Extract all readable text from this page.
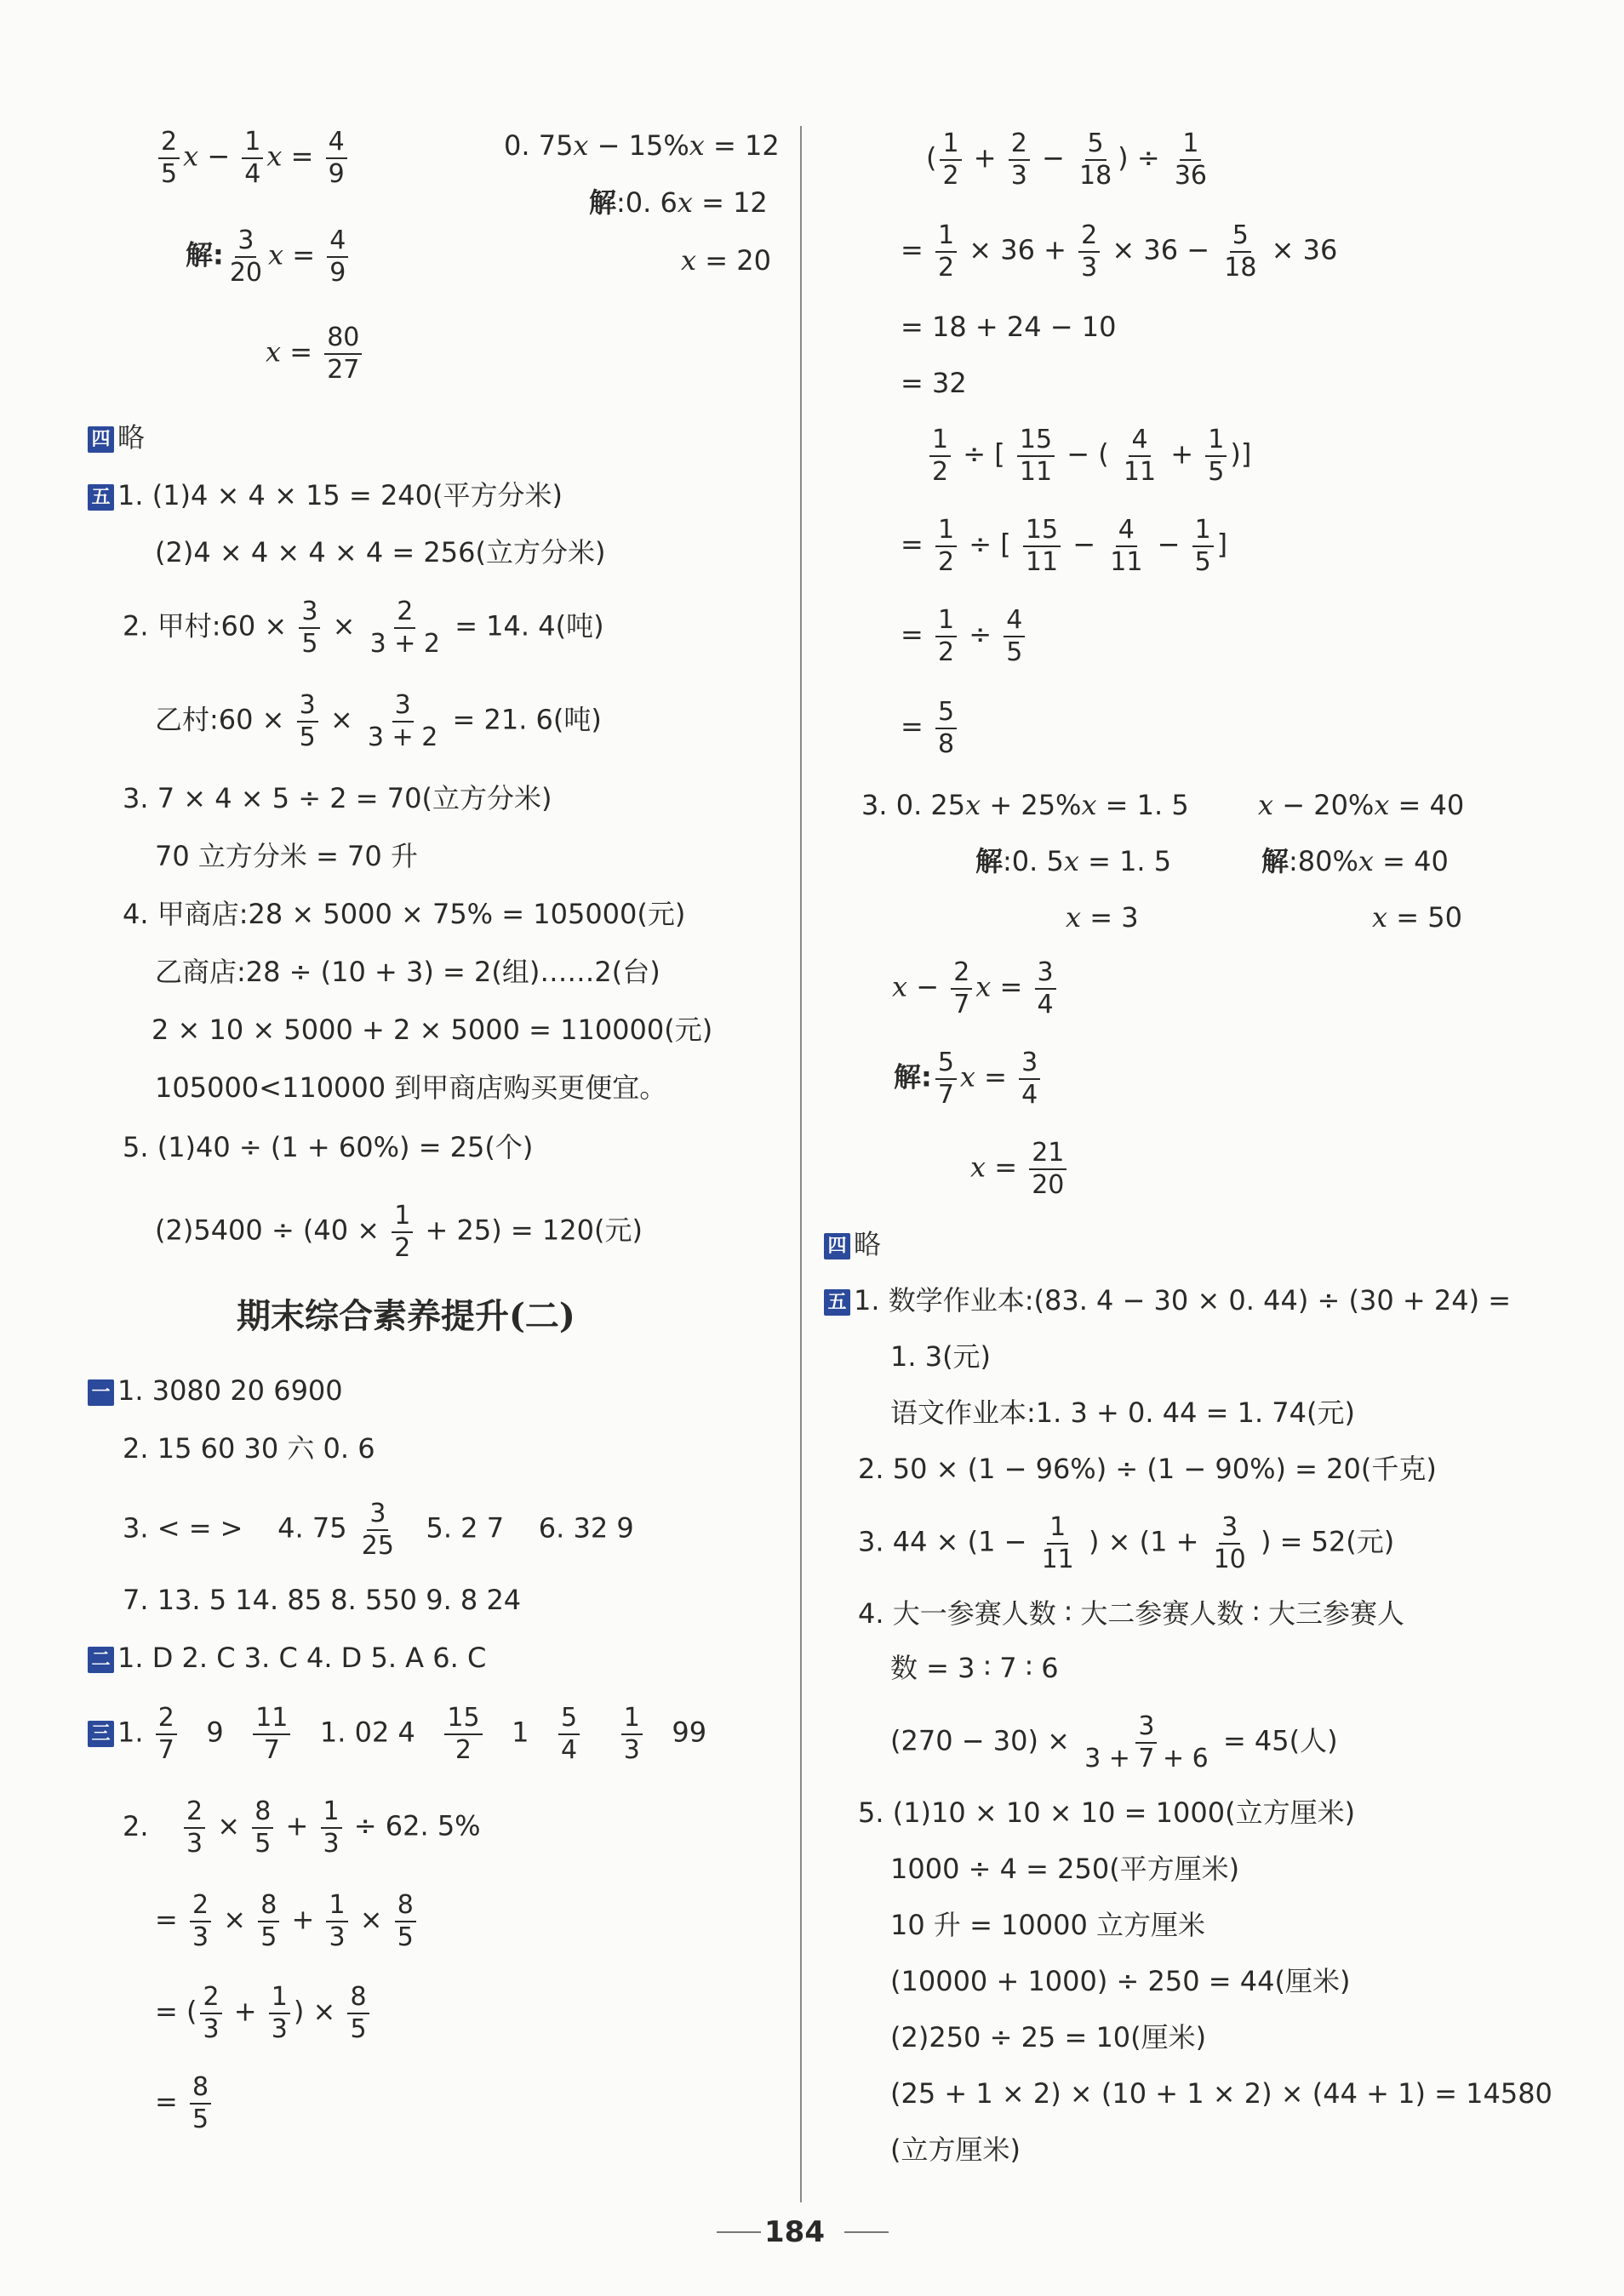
$\frac{2}{5}$ $x - \frac{1}{4}$ $x = \frac{4}{9}$
解: $\frac{3}{20}$ $x = \frac{4}{9}$
$x = \frac{80}{27}$
0. 75x − 15%x = 12
解:0. 6x = 12
x = 20
四 略
五 1. (1)4 × 4 × 15 = 240(平方分米)
(2)4 × 4 × 4 × 4 = 256(立方分米)
2. 甲村:60 × $\frac{3}{5} \times \frac{2}{3 + 2} = 14$. 4(吨)
乙村:60 × $\frac{3}{5} \times \frac{3}{3 + 2} = 21$. 6(吨)
3. 7 × 4 × 5 ÷ 2 = 70(立方分米)
70 立方分米 = 70 升
4. 甲商店:28 × 5000 × 75% = 105000(元)
乙商店:28 ÷ (10 + 3) = 2(组)……2(台)
2 × 10 × 5000 + 2 × 5000 = 110000(元)
105000<110000 到甲商店购买更便宜。
5. (1)40 ÷ (1 + 60%) = 25(个)
$(2)5400 \div (40 \times \frac{1}{2} + 25) = 120$(元)
期末综合素养提升(二)
一 1. 3080 20 6900
2. 15 60 30 六 0. 6
3. < = > 4. $75 \frac{3}{25} 5$. 2 7 6. 32 9
7. 13. 5 14. 85 8. 550 9. 8 24
二 1. D 2. C 3. C 4. D 5. A 6. C
三 1. $\frac{2}{7} 9 \frac{11}{7} 1$. 02 $4 \frac{15}{2} 1 \frac{5}{4}$
$\frac{1}{3} 99$
2. $\frac{2}{3} \times \frac{8}{5} + \frac{1}{3} \div 62$. 5%
= $\frac{2}{3} \times \frac{8}{5} + \frac{1}{3} \times \frac{8}{5}$
= ( $\frac{2}{3} + \frac{1}{3}$ ) × $\frac{8}{5}$
= $\frac{8}{5}$
( $\frac{1}{2} + \frac{2}{3} - \frac{5}{18}$ ) ÷ $\frac{1}{36}$
= $\frac{1}{2} \times 36 + \frac{2}{3} \times 36 - \frac{5}{18} \times 36$
= 18 + 24 − 10
= 32
$\frac{1}{2}$ ÷ [ $\frac{15}{11}$ − ( $\frac{4}{11} + \frac{1}{5}$ )]
= $\frac{1}{2}$ ÷ [ $\frac{15}{11} - \frac{4}{11} - \frac{1}{5}$ ]
= $\frac{1}{2} \div \frac{4}{5}$
= $\frac{5}{8}$
3. 0. 25x + 25%x = 1. 5
解:0. 5x = 1. 5
x = 3
x − 20%x = 40
解:80%x = 40
x = 50
$x - \frac{2}{7}$ $x = \frac{3}{4}$
解: $\frac{5}{7}$ $x = \frac{3}{4}$
$x = \frac{21}{20}$
四 略
五 1. 数学作业本:(83. 4 − 30 × 0. 44) ÷ (30 + 24) =
1. 3(元)
语文作业本:1. 3 + 0. 44 = 1. 74(元)
2. 50 × (1 − 96%) ÷ (1 − 90%) = 20(千克)
3. $44 \times (1 - \frac{1}{11}$ ) × ($1 + \frac{3}{10}$ ) = 52(元)
4. 大一参赛人数 ∶ 大二参赛人数 ∶ 大三参赛人
数 = 3 ∶ 7 ∶ 6
$(270 - 30) \times \frac{3}{3 + 7 + 6} = 45$(人)
5. (1)10 × 10 × 10 = 1000(立方厘米)
1000 ÷ 4 = 250(平方厘米)
10 升 = 10000 立方厘米
(10000 + 1000) ÷ 250 = 44(厘米)
(2)250 ÷ 25 = 10(厘米)
(25 + 1 × 2) × (10 + 1 × 2) × (44 + 1) = 14580
(立方厘米)
184
